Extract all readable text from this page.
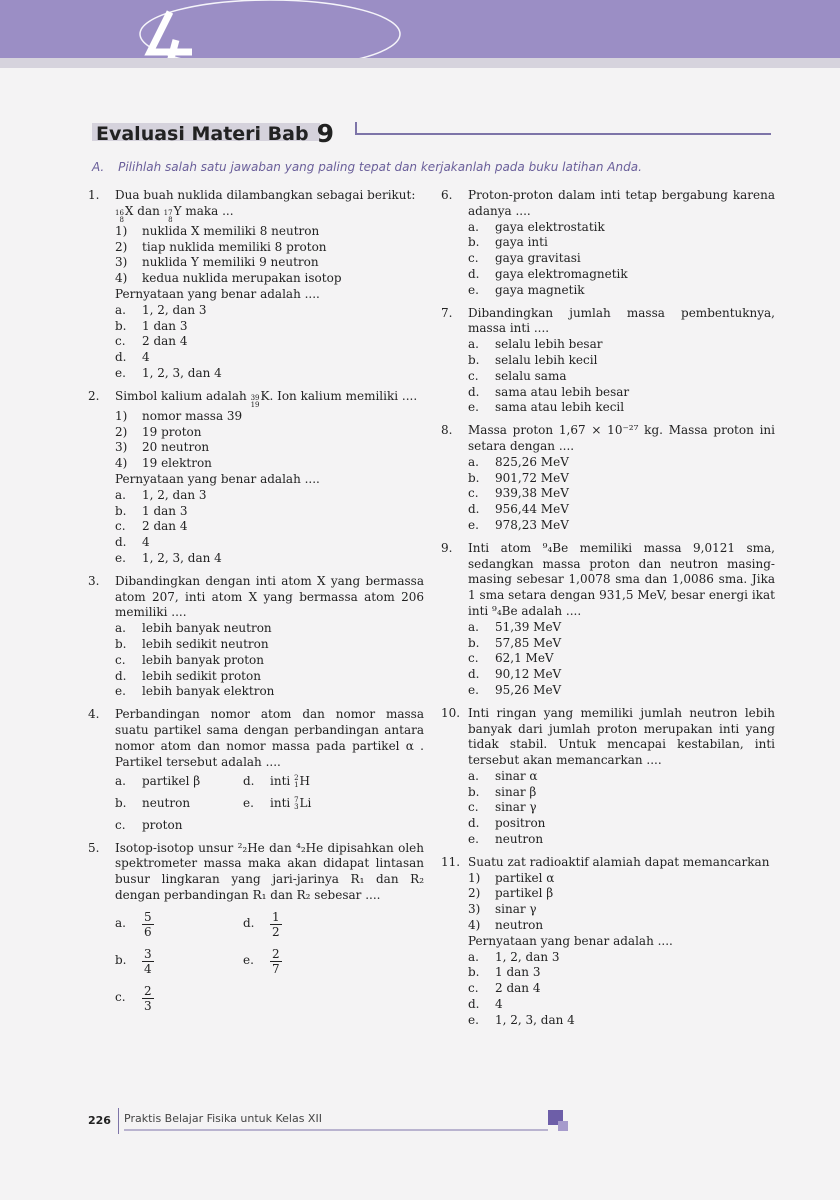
Evaluasi Materi Bab 9
A. Pilihlah salah satu jawaban yang paling tepat dan kerjakanlah pada buku latihan Anda.
1.	Dua buah nuklida dilambangkan sebagai berikut:
16
8
X dan 17
8
Y maka ...
1)	nuklida X memiliki 8 neutron
2)	tiap nuklida memiliki 8 proton
3)	nuklida Y memiliki 9 neutron
4)	kedua nuklida merupakan isotop
Pernyataan yang benar adalah ....
a.	1, 2, dan 3
b.	1 dan 3
c.	2 dan 4
d.	4
e.	1, 2, 3, dan 4
2.	Simbol kalium adalah 39
19
K. Ion kalium memiliki ....
1)	nomor massa 39
2)	19 proton
3)	20 neutron
4)	19 elektron
Pernyataan yang benar adalah ....
a.	1, 2, dan 3
b.	1 dan 3
c.	2 dan 4
d.	4
e.	1, 2, 3, dan 4
3.	Dibandingkan dengan inti atom X yang bermassa atom 207, inti atom X yang bermassa atom 206 memiliki ....
a.	lebih banyak neutron
b.	lebih sedikit neutron
c.	lebih banyak proton
d.	lebih sedikit proton
e.	lebih banyak elektron
4.	Perbandingan nomor atom dan nomor massa suatu partikel sama dengan perbandingan antara nomor atom dan nomor massa pada partikel α . Partikel tersebut adalah ....
a.	partikel β	d.	inti
2
1 H
b.	neutron	e.	inti
7
3 Li
c.	proton
5.	Isotop-isotop unsur ²₂He dan ⁴₂He dipisahkan oleh spektrometer massa maka akan didapat lintasan busur lingkaran yang jari-jarinya R₁ dan R₂ dengan perbandingan R₁ dan R₂ sebesar ....
a.	$\frac{5}{6}$	d.	$\frac{1}{2}$
b.	$\frac{3}{4}$	e.	$\frac{2}{7}$
c.	$\frac{2}{3}$
6.	Proton-proton dalam inti tetap bergabung karena adanya ....
a.	gaya elektrostatik
b.	gaya inti
c.	gaya gravitasi
d.	gaya elektromagnetik
e.	gaya magnetik
7.	Dibandingkan jumlah massa pembentuknya, massa inti ....
a.	selalu lebih besar
b.	selalu lebih kecil
c.	selalu sama
d.	sama atau lebih besar
e.	sama atau lebih kecil
8.	Massa proton 1,67 × 10⁻²⁷ kg. Massa proton ini setara dengan ....
a.	825,26 MeV
b.	901,72 MeV
c.	939,38 MeV
d.	956,44 MeV
e.	978,23 MeV
9.	Inti atom ⁹₄Be memiliki massa 9,0121 sma, sedangkan massa proton dan neutron masing-masing sebesar 1,0078 sma dan 1,0086 sma. Jika 1 sma setara dengan 931,5 MeV, besar energi ikat inti ⁹₄Be adalah ....
a.	51,39 MeV
b.	57,85 MeV
c.	62,1 MeV
d.	90,12 MeV
e.	95,26 MeV
10. Inti ringan yang memiliki jumlah neutron lebih banyak dari jumlah proton merupakan inti yang tidak stabil. Untuk mencapai kestabilan, inti tersebut akan memancarkan ....
a.	sinar α
b.	sinar β
c.	sinar γ
d.	positron
e.	neutron
11. Suatu zat radioaktif alamiah dapat memancarkan
1)	partikel α
2)	partikel β
3)	sinar γ
4)	neutron
Pernyataan yang benar adalah ....
a.	1, 2, dan 3
b.	1 dan 3
c.	2 dan 4
d.	4
e.	1, 2, 3, dan 4
226 Praktis Belajar Fisika untuk Kelas XII
